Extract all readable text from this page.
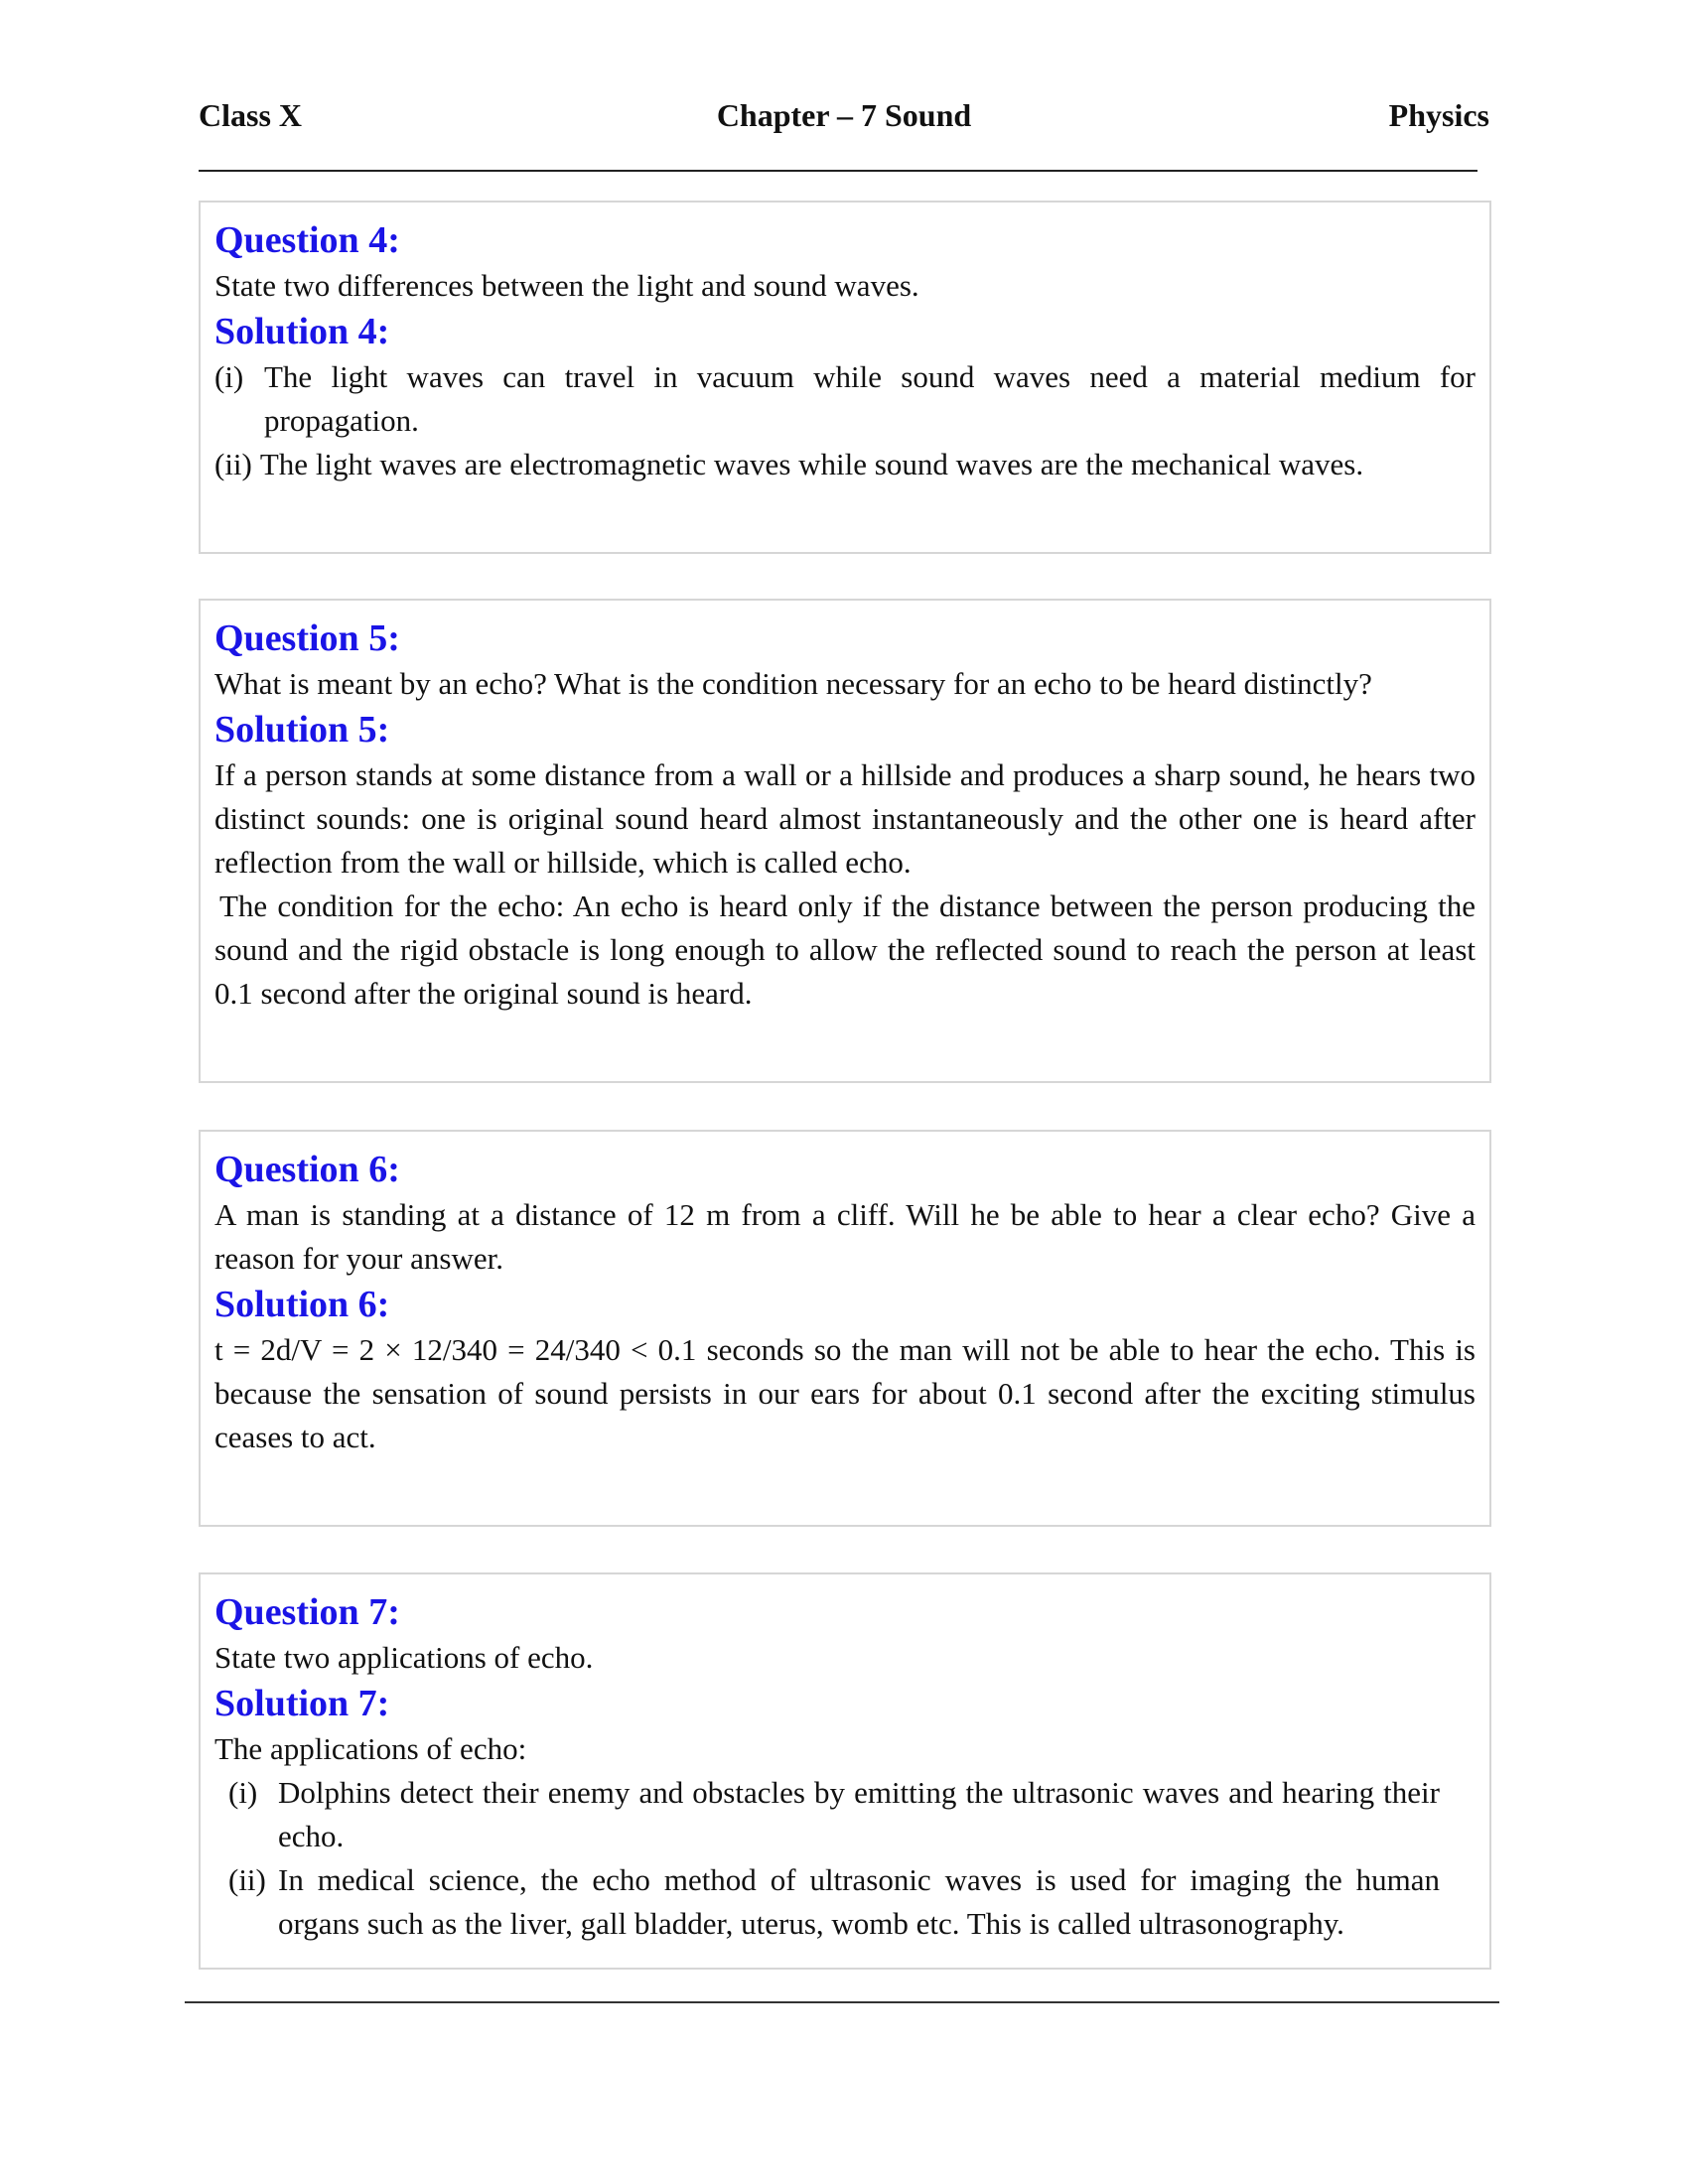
Chapter – 7 Sound
Class X	Physics
Question 4:

State two differences between the light and sound waves.

Solution 4:
(i) The light waves can travel in vacuum while sound waves need a material medium for propagation.
(ii) The light waves are electromagnetic waves while sound waves are the mechanical waves.
Question 5:

What is meant by an echo? What is the condition necessary for an echo to be heard distinctly?

Solution 5:

If a person stands at some distance from a wall or a hillside and produces a sharp sound, he hears two distinct sounds: one is original sound heard almost instantaneously and the other one is heard after reflection from the wall or hillside, which is called echo.

The condition for the echo: An echo is heard only if the distance between the person producing the sound and the rigid obstacle is long enough to allow the reflected sound to reach the person at least 0.1 second after the original sound is heard.

Question 6:

A man is standing at a distance of 12 m from a cliff. Will he be able to hear a clear echo? Give a reason for your answer.

Solution 6:

t = 2d/V = 2 × 12/340 = 24/340 < 0.1 seconds so the man will not be able to hear the echo. This is because the sensation of sound persists in our ears for about 0.1 second after the exciting stimulus ceases to act.

Question 7:

State two applications of echo.

Solution 7:

The applications of echo:

(i) Dolphins detect their enemy and obstacles by emitting the ultrasonic waves and hearing their echo.
(ii) In medical science, the echo method of ultrasonic waves is used for imaging the human organs such as the liver, gall bladder, uterus, womb etc. This is called ultrasonography.
